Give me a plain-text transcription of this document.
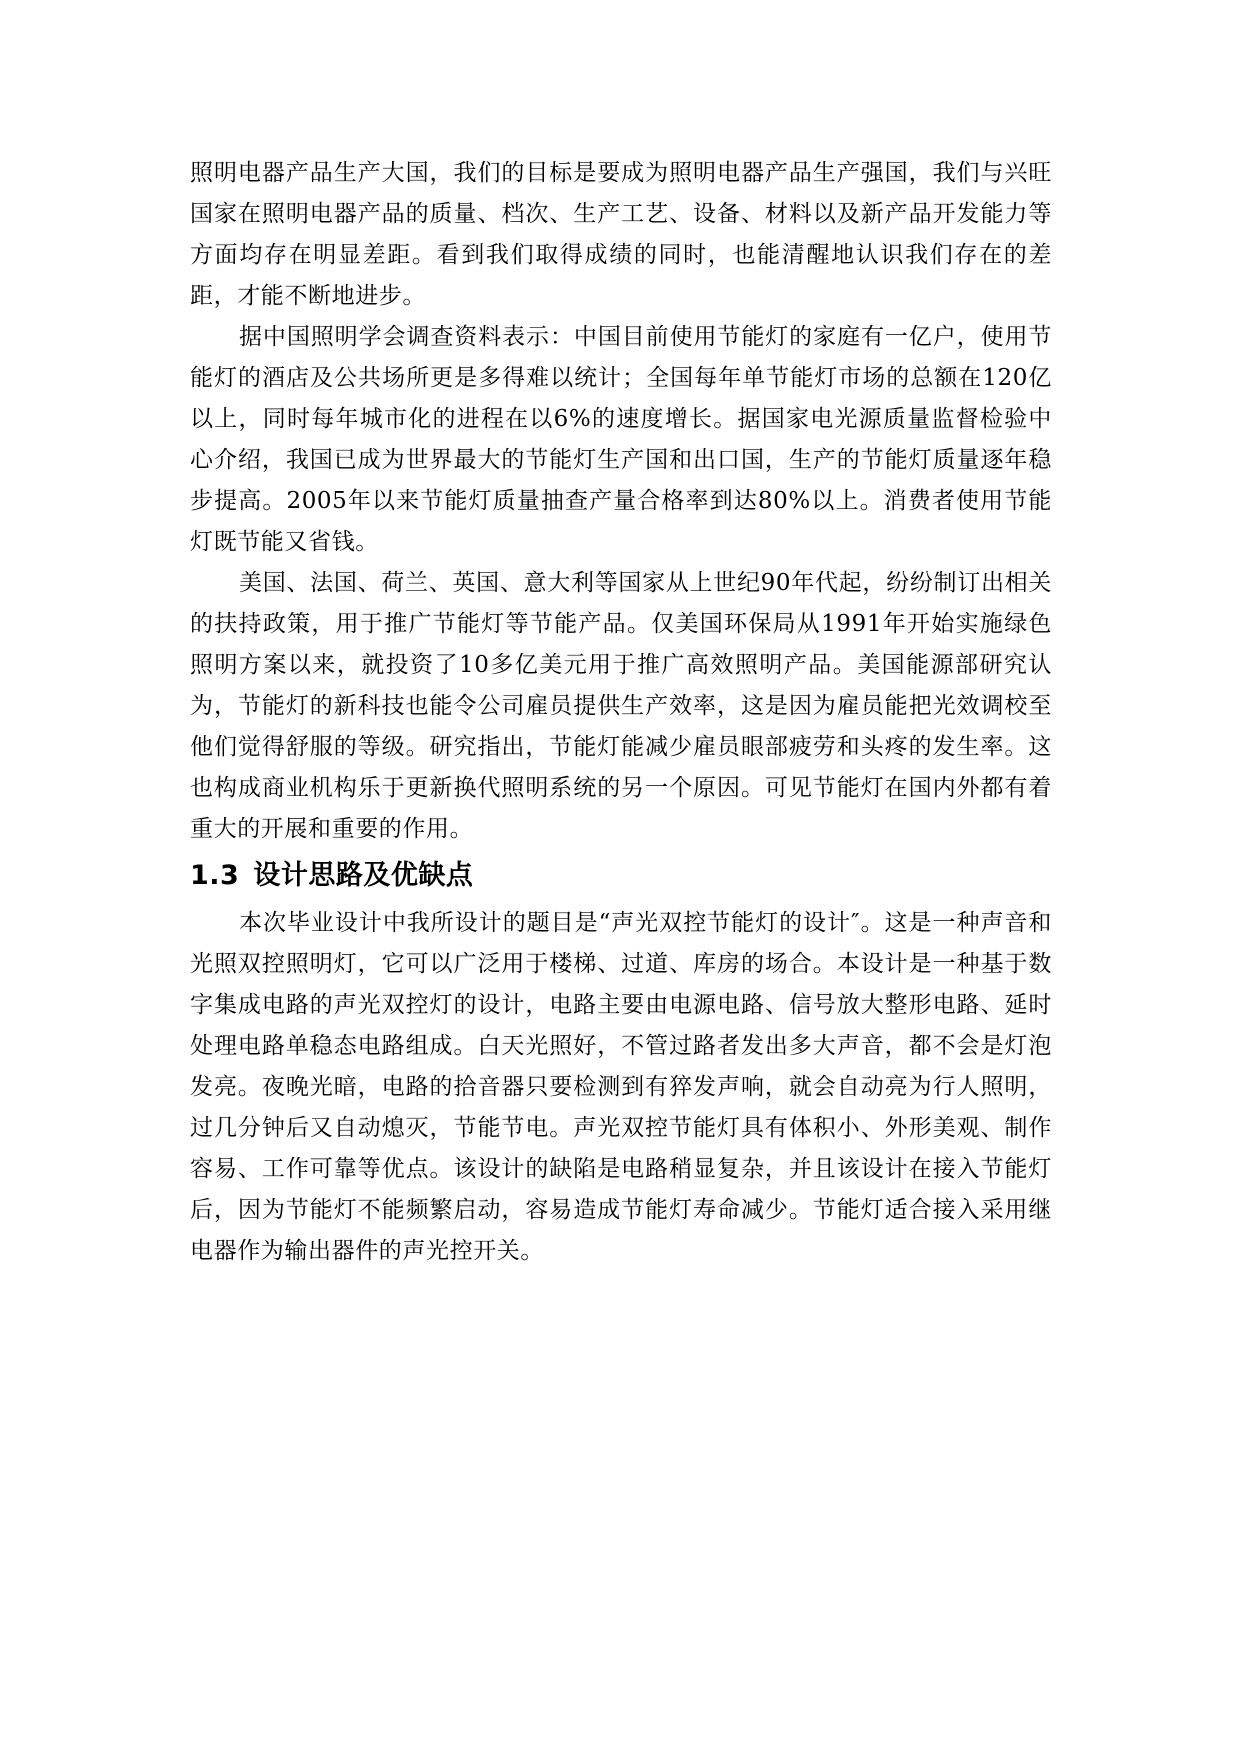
照明电器产品生产大国，我们的目标是要成为照明电器产品生产强国，我们与兴旺国家在照明电器产品的质量、档次、生产工艺、设备、材料以及新产品开发能力等方面均存在明显差距。看到我们取得成绩的同时，也能清醒地认识我们存在的差距，才能不断地进步。

据中国照明学会调查资料表示：中国目前使用节能灯的家庭有一亿户，使用节能灯的酒店及公共场所更是多得难以统计；全国每年单节能灯市场的总额在120亿以上，同时每年城市化的进程在以6%的速度增长。据国家电光源质量监督检验中心介绍，我国已成为世界最大的节能灯生产国和出口国，生产的节能灯质量逐年稳步提高。2005年以来节能灯质量抽查产量合格率到达80%以上。消费者使用节能灯既节能又省钱。

美国、法国、荷兰、英国、意大利等国家从上世纪90年代起，纷纷制订出相关的扶持政策，用于推广节能灯等节能产品。仅美国环保局从1991年开始实施绿色照明方案以来，就投资了10多亿美元用于推广高效照明产品。美国能源部研究认为，节能灯的新科技也能令公司雇员提供生产效率，这是因为雇员能把光效调校至他们觉得舒服的等级。研究指出，节能灯能减少雇员眼部疲劳和头疼的发生率。这也构成商业机构乐于更新换代照明系统的另一个原因。可见节能灯在国内外都有着重大的开展和重要的作用。

1.3 设计思路及优缺点

本次毕业设计中我所设计的题目是“声光双控节能灯的设计″。这是一种声音和光照双控照明灯，它可以广泛用于楼梯、过道、库房的场合。本设计是一种基于数字集成电路的声光双控灯的设计，电路主要由电源电路、信号放大整形电路、延时处理电路单稳态电路组成。白天光照好，不管过路者发出多大声音，都不会是灯泡发亮。夜晚光暗，电路的拾音器只要检测到有猝发声响，就会自动亮为行人照明，过几分钟后又自动熄灭，节能节电。声光双控节能灯具有体积小、外形美观、制作容易、工作可靠等优点。该设计的缺陷是电路稍显复杂，并且该设计在接入节能灯后，因为节能灯不能频繁启动，容易造成节能灯寿命减少。节能灯适合接入采用继电器作为输出器件的声光控开关。
